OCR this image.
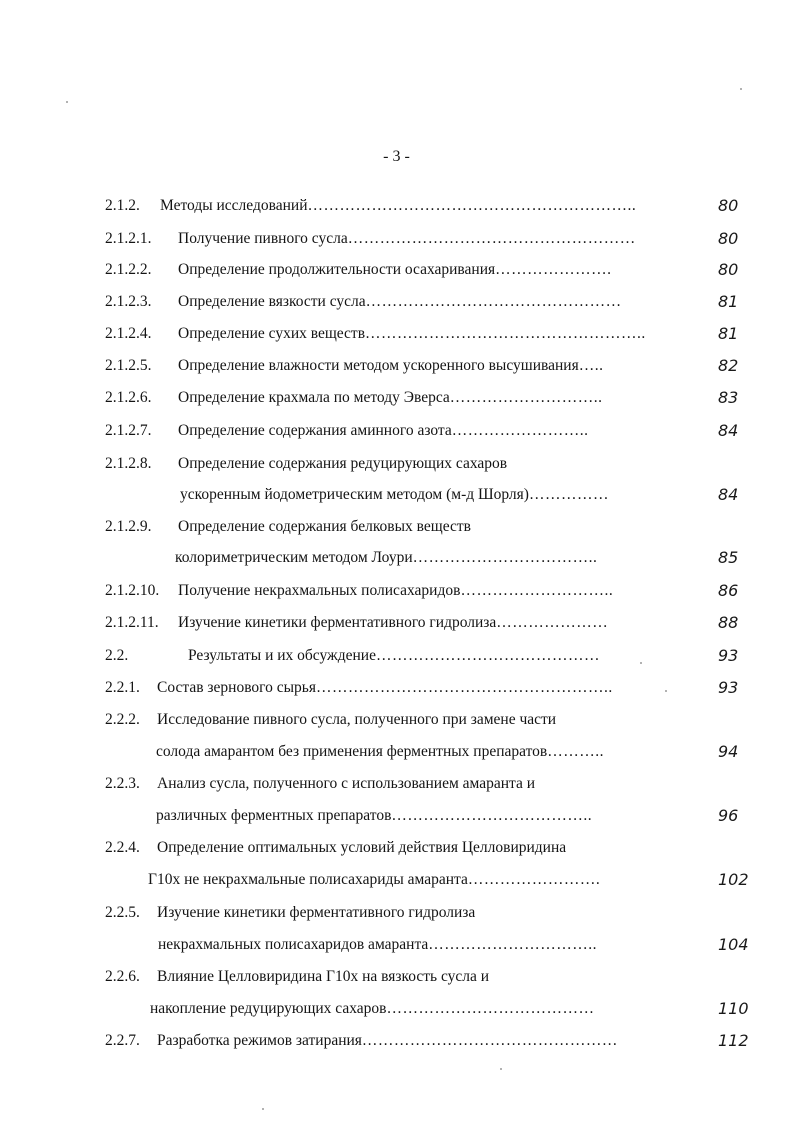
- 3 -
2.1.2. Методы исследований……………………………………………………..	80
2.1.2.1. Получение пивного сусла………………………………………………	80
2.1.2.2. Определение продолжительности осахаривания………………….	80
2.1.2.3. Определение вязкости сусла…………………………………………	81
2.1.2.4. Определение сухих веществ……………………………………………..	81
2.1.2.5. Определение влажности методом ускоренного высушивания…..	82
2.1.2.6. Определение крахмала по методу Эверса………………………..	83
2.1.2.7. Определение содержания аминного азота……………………..	84
2.1.2.8. Определение содержания редуцирующих сахаров
ускоренным йодометрическим методом (м-д Шорля)……………	84
2.1.2.9. Определение содержания белковых веществ
колориметрическим методом Лоури……………………………..	85
2.1.2.10. Получение некрахмальных полисахаридов………………………..	86
2.1.2.11. Изучение кинетики ферментативного гидролиза…………………	88
2.2.	Результаты и их обсуждение……………………………………	93
2.2.1. Состав зернового сырья………………………………………………..	93
2.2.2. Исследование пивного сусла, полученного при замене части
солода амарантом без применения ферментных препаратов………..	94
2.2.3. Анализ сусла, полученного с использованием амаранта и
различных ферментных препаратов………………………………..	96
2.2.4. Определение оптимальных условий действия Целловиридина
Г10х не некрахмальные полисахариды амаранта…………………….	102
2.2.5. Изучение кинетики ферментативного гидролиза
некрахмальных полисахаридов амаранта…………………………..	104
2.2.6. Влияние Целловиридина Г10х на вязкость сусла и
накопление редуцирующих сахаров…………………………………	110
2.2.7. Разработка режимов затирания…………………………………………	112
